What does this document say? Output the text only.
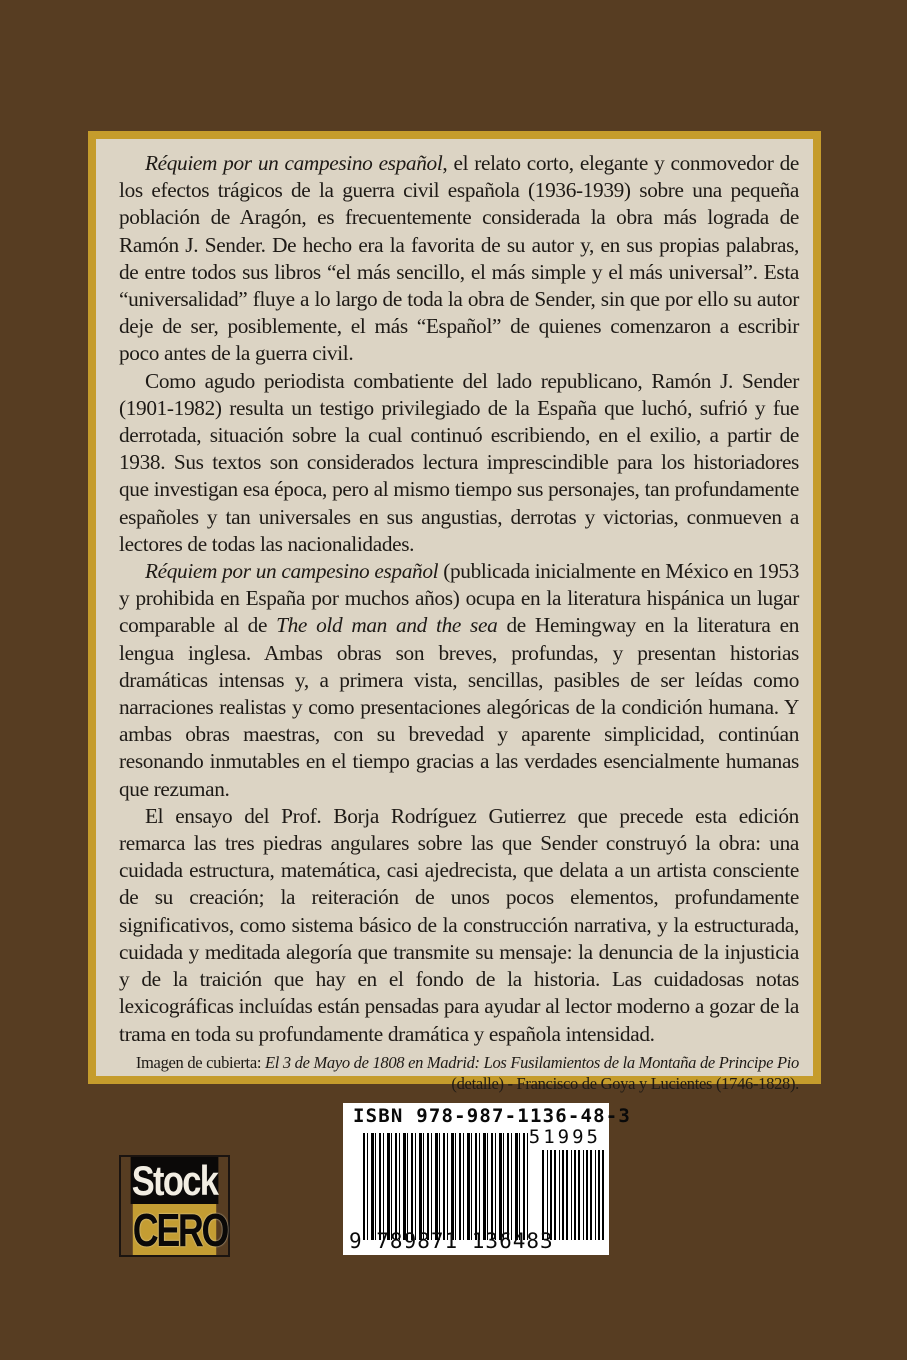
Réquiem por un campesino español, el relato corto, elegante y conmovedor de los efectos trágicos de la guerra civil española (1936-1939) sobre una pequeña población de Aragón, es frecuentemente considerada la obra más lograda de Ramón J. Sender. De hecho era la favorita de su autor y, en sus propias palabras, de entre todos sus libros “el más sencillo, el más simple y el más universal”. Esta “universalidad” fluye a lo largo de toda la obra de Sender, sin que por ello su autor deje de ser, posiblemente, el más “Español” de quienes comenzaron a escribir poco antes de la guerra civil.

Como agudo periodista combatiente del lado republicano, Ramón J. Sender (1901-1982) resulta un testigo privilegiado de la España que luchó, sufrió y fue derrotada, situación sobre la cual continuó escribiendo, en el exilio, a partir de 1938. Sus textos son considerados lectura imprescindible para los historiadores que investigan esa época, pero al mismo tiempo sus personajes, tan profundamente españoles y tan universales en sus angustias, derrotas y victorias, conmueven a lectores de todas las nacionalidades.

Réquiem por un campesino español (publicada inicialmente en México en 1953 y prohibida en España por muchos años) ocupa en la literatura hispánica un lugar comparable al de The old man and the sea de Hemingway en la literatura en lengua inglesa. Ambas obras son breves, profundas, y presentan historias dramáticas intensas y, a primera vista, sencillas, pasibles de ser leídas como narraciones realistas y como presentaciones alegóricas de la condición humana. Y ambas obras maestras, con su brevedad y aparente simplicidad, continúan resonando inmutables en el tiempo gracias a las verdades esencialmente humanas que rezuman.

El ensayo del Prof. Borja Rodríguez Gutierrez que precede esta edición remarca las tres piedras angulares sobre las que Sender construyó la obra: una cuidada estructura, matemática, casi ajedrecista, que delata a un artista consciente de su creación; la reiteración de unos pocos elementos, profundamente significativos, como sistema básico de la construcción narrativa, y la estructurada, cuidada y meditada alegoría que transmite su mensaje: la denuncia de la injusticia y de la traición que hay en el fondo de la historia. Las cuidadosas notas lexicográficas incluídas están pensadas para ayudar al lector moderno a gozar de la trama en toda su profundamente dramática y española intensidad.

Imagen de cubierta: El 3 de Mayo de 1808 en Madrid: Los Fusilamientos de la Montaña de Principe Pio (detalle) - Francisco de Goya y Lucientes (1746-1828).

Stock
CERO
ISBN 978-987-1136-48-3
51995
9 789871 136483
